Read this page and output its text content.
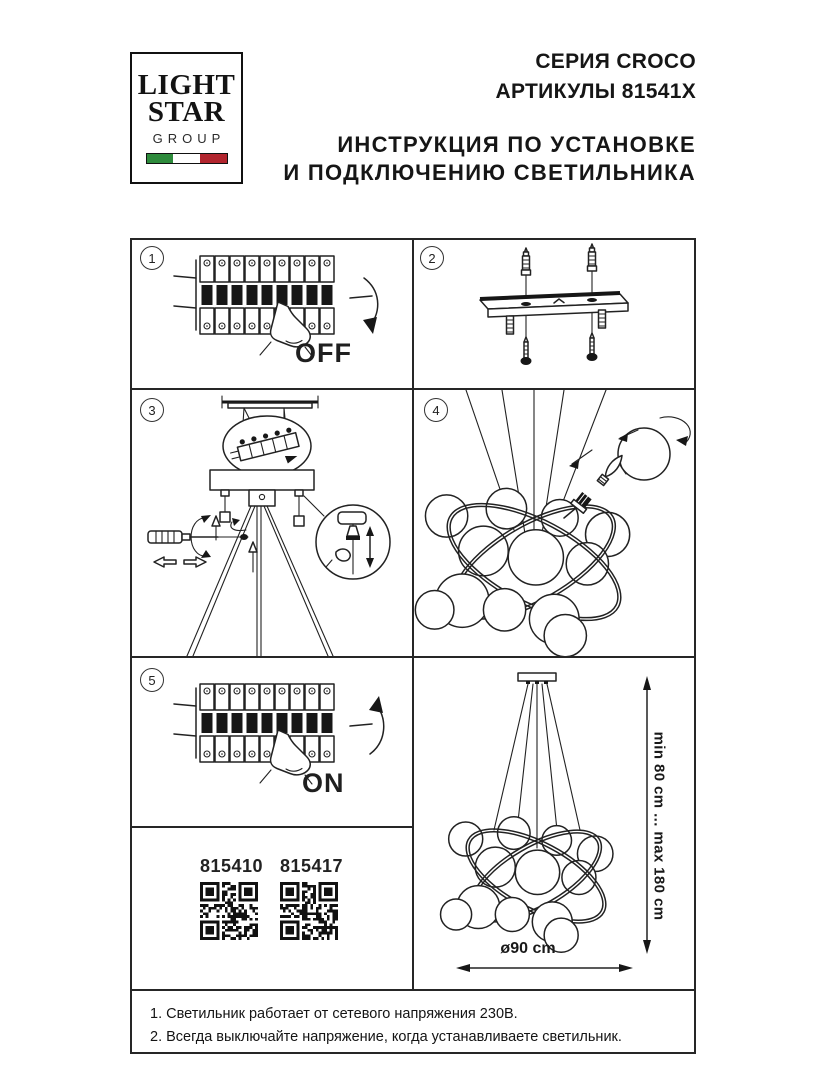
LIGHT
STAR
GROUP
СЕРИЯ CROCO
АРТИКУЛЫ 81541X
ИНСТРУКЦИЯ ПО УСТАНОВКЕ
И ПОДКЛЮЧЕНИЮ СВЕТИЛЬНИКА
1
OFF
2
3	4
5
ON
815410 815417	min 80 cm ... max 180 cm
ø90 cm
1. Светильник работает от сетевого напряжения 230В.
2. Всегда выключайте напряжение, когда устанавливаете светильник.
